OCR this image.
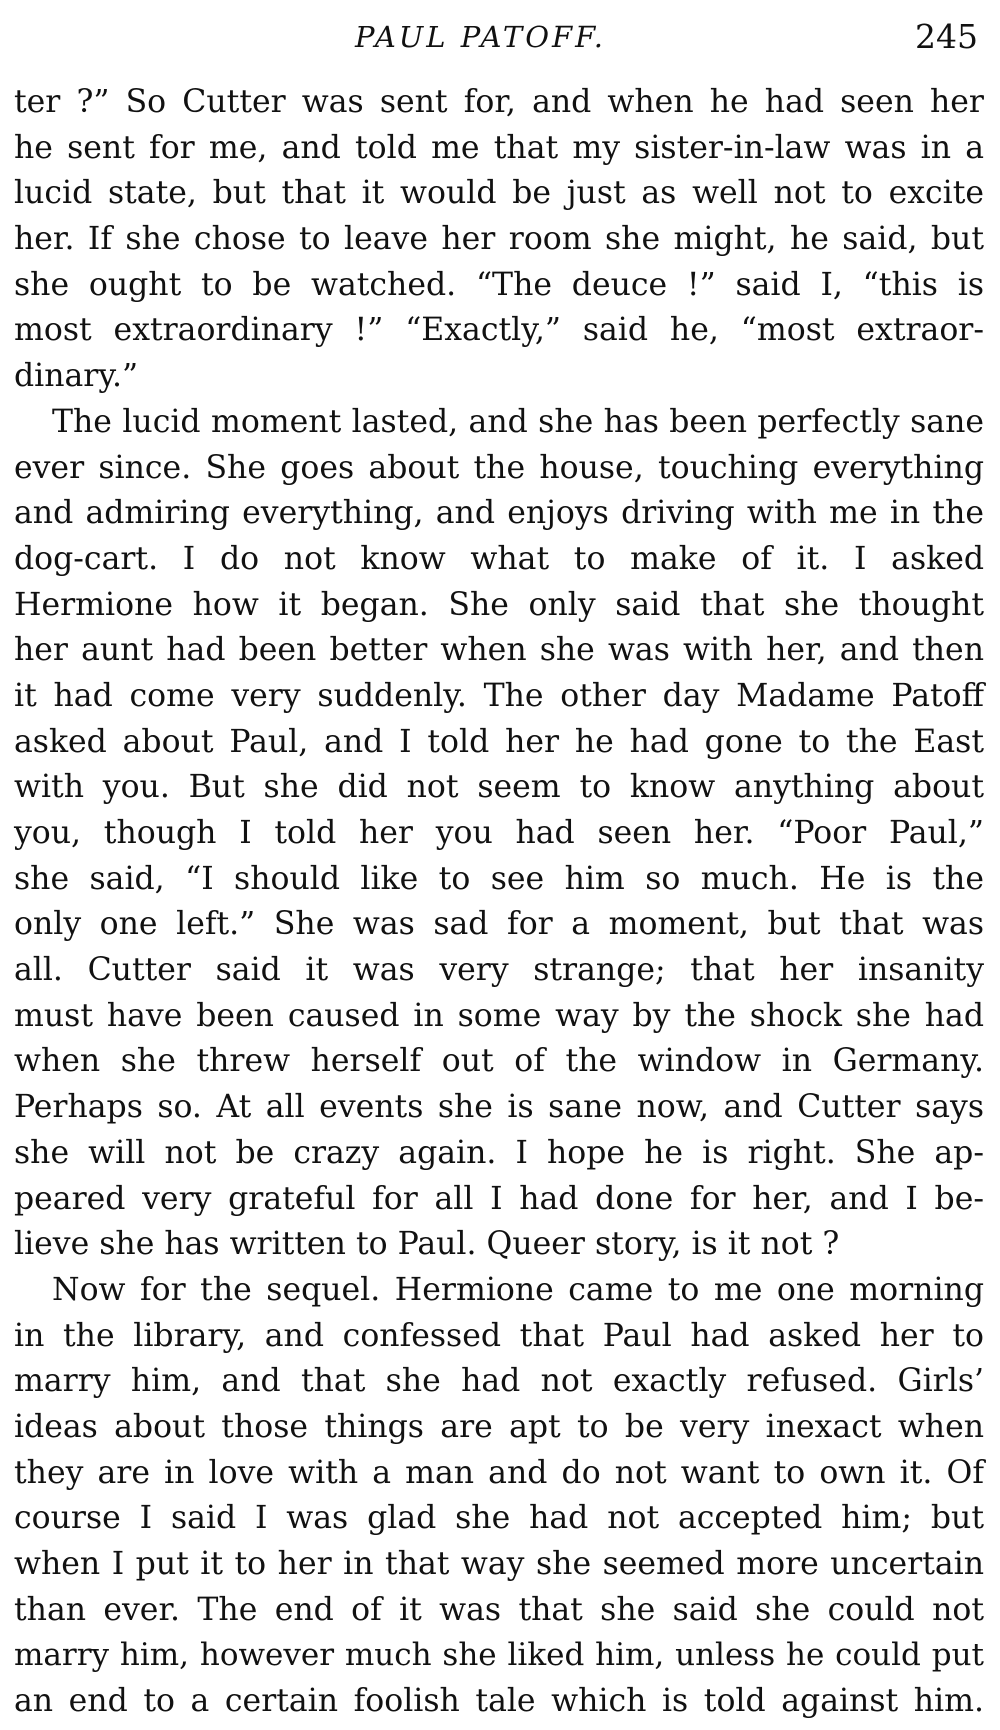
PAUL PATOFF.	245
ter ?” So Cutter was sent for, and when he had seen her
he sent for me, and told me that my sister-in-law was in a
lucid state, but that it would be just as well not to excite
her. If she chose to leave her room she might, he said, but
she ought to be watched. “The deuce !” said I, “this is
most extraordinary !” “Exactly,” said he, “most extraor-
dinary.”
The lucid moment lasted, and she has been perfectly sane
ever since. She goes about the house, touching everything
and admiring everything, and enjoys driving with me in the
dog-cart. I do not know what to make of it. I asked
Hermione how it began. She only said that she thought
her aunt had been better when she was with her, and then
it had come very suddenly. The other day Madame Patoff
asked about Paul, and I told her he had gone to the East
with you. But she did not seem to know anything about
you, though I told her you had seen her. “Poor Paul,”
she said, “I should like to see him so much. He is the
only one left.” She was sad for a moment, but that was
all. Cutter said it was very strange; that her insanity
must have been caused in some way by the shock she had
when she threw herself out of the window in Germany.
Perhaps so. At all events she is sane now, and Cutter says
she will not be crazy again. I hope he is right. She ap-
peared very grateful for all I had done for her, and I be-
lieve she has written to Paul. Queer story, is it not ?
Now for the sequel. Hermione came to me one morning
in the library, and confessed that Paul had asked her to
marry him, and that she had not exactly refused. Girls’
ideas about those things are apt to be very inexact when
they are in love with a man and do not want to own it. Of
course I said I was glad she had not accepted him; but
when I put it to her in that way she seemed more uncertain
than ever. The end of it was that she said she could not
marry him, however much she liked him, unless he could put
an end to a certain foolish tale which is told against him.
